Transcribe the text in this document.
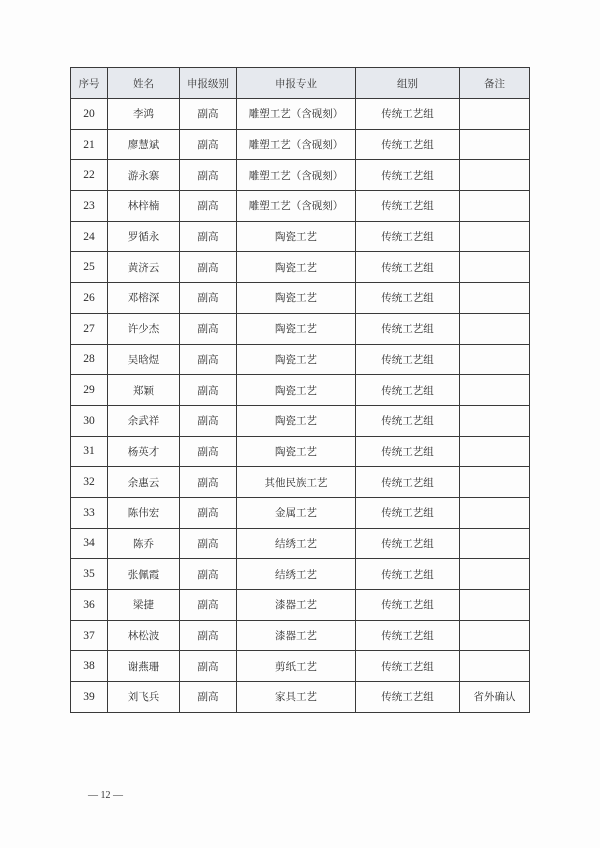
序号	姓名	申报级别	申报专业	组别	备注
20	李鸿	副高	雕塑工艺（含砚刻）	传统工艺组	
21	廖慧斌	副高	雕塑工艺（含砚刻）	传统工艺组	
22	游永寨	副高	雕塑工艺（含砚刻）	传统工艺组	
23	林梓楠	副高	雕塑工艺（含砚刻）	传统工艺组	
24	罗循永	副高	陶瓷工艺	传统工艺组	
25	黄济云	副高	陶瓷工艺	传统工艺组	
26	邓榕深	副高	陶瓷工艺	传统工艺组	
27	许少杰	副高	陶瓷工艺	传统工艺组	
28	吴晗煜	副高	陶瓷工艺	传统工艺组	
29	郑颖	副高	陶瓷工艺	传统工艺组	
30	余武祥	副高	陶瓷工艺	传统工艺组	
31	杨英才	副高	陶瓷工艺	传统工艺组	
32	余惠云	副高	其他民族工艺	传统工艺组	
33	陈伟宏	副高	金属工艺	传统工艺组	
34	陈乔	副高	结绣工艺	传统工艺组	
35	张佩霞	副高	结绣工艺	传统工艺组	
36	梁捷	副高	漆器工艺	传统工艺组	
37	林松波	副高	漆器工艺	传统工艺组	
38	谢燕珊	副高	剪纸工艺	传统工艺组	
39	刘飞兵	副高	家具工艺	传统工艺组	省外确认
— 12 —
